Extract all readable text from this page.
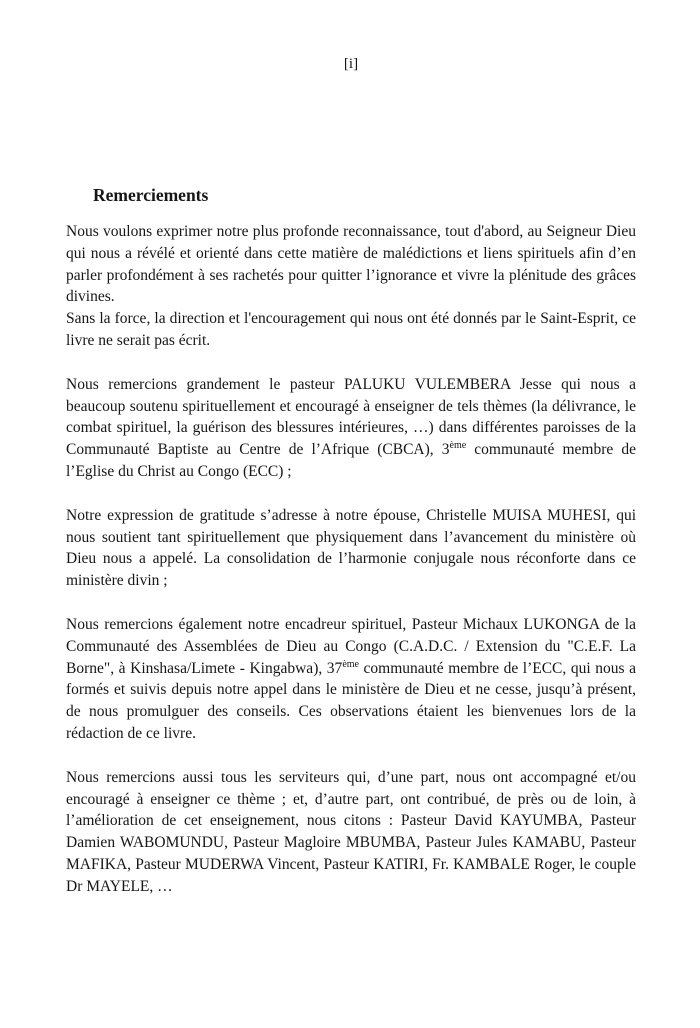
[i]
Remerciements

Nous voulons exprimer notre plus profonde reconnaissance, tout d'abord, au Seigneur Dieu qui nous a révélé et orienté dans cette matière de malédictions et liens spirituels afin d’en parler profondément à ses rachetés pour quitter l’ignorance et vivre la plénitude des grâces divines.
Sans la force, la direction et l'encouragement qui nous ont été donnés par le Saint-Esprit, ce livre ne serait pas écrit.

Nous remercions grandement le pasteur PALUKU VULEMBERA Jesse qui nous a beaucoup soutenu spirituellement et encouragé à enseigner de tels thèmes (la délivrance, le combat spirituel, la guérison des blessures intérieures, …) dans différentes paroisses de la Communauté Baptiste au Centre de l’Afrique (CBCA), 3ème communauté membre de l’Eglise du Christ au Congo (ECC) ;

Notre expression de gratitude s’adresse à notre épouse, Christelle MUISA MUHESI, qui nous soutient tant spirituellement que physiquement dans l’avancement du ministère où Dieu nous a appelé. La consolidation de l’harmonie conjugale nous réconforte dans ce ministère divin ;

Nous remercions également notre encadreur spirituel, Pasteur Michaux LUKONGA de la Communauté des Assemblées de Dieu au Congo (C.A.D.C. / Extension du "C.E.F. La Borne", à Kinshasa/Limete - Kingabwa), 37ème communauté membre de l’ECC, qui nous a formés et suivis depuis notre appel dans le ministère de Dieu et ne cesse, jusqu’à présent, de nous promulguer des conseils. Ces observations étaient les bienvenues lors de la rédaction de ce livre.

Nous remercions aussi tous les serviteurs qui, d’une part, nous ont accompagné et/ou encouragé à enseigner ce thème ; et, d’autre part, ont contribué, de près ou de loin, à l’amélioration de cet enseignement, nous citons : Pasteur David KAYUMBA, Pasteur Damien WABOMUNDU, Pasteur Magloire MBUMBA, Pasteur Jules KAMABU, Pasteur MAFIKA, Pasteur MUDERWA Vincent, Pasteur KATIRI, Fr. KAMBALE Roger, le couple Dr MAYELE, …
